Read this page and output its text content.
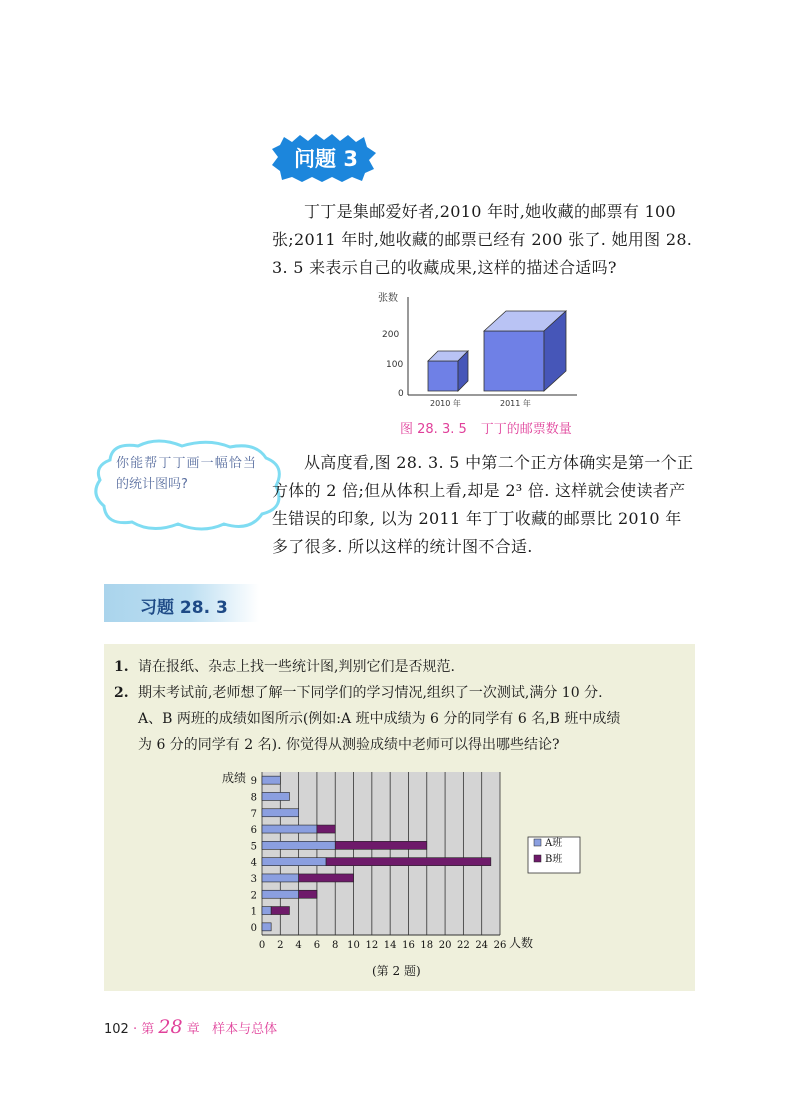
问题 3
丁丁是集邮爱好者,2010 年时,她收藏的邮票有 100 张;2011 年时,她收藏的邮票已经有 200 张了. 她用图 28. 3. 5 来表示自己的收藏成果,这样的描述合适吗?
张数
200
100
0
2010 年	2011 年
图 28. 3. 5 丁丁的邮票数量
你能帮丁丁画一幅恰当的统计图吗?
从高度看,图 28. 3. 5 中第二个正方体确实是第一个正方体的 2 倍;但从体积上看,却是 2³ 倍. 这样就会使读者产生错误的印象, 以为 2011 年丁丁收藏的邮票比 2010 年多了很多. 所以这样的统计图不合适.
习题 28. 3
1. 请在报纸、杂志上找一些统计图,判别它们是否规范.
2. 期末考试前,老师想了解一下同学们的学习情况,组织了一次测试,满分 10 分.
A、B 两班的成绩如图所示(例如:A 班中成绩为 6 分的同学有 6 名,B 班中成绩
为 6 分的同学有 2 名). 你觉得从测验成绩中老师可以得出哪些结论?
9
8
7
6
5
4
3
2
1
0
0 2 4 6 8 10 12 14 16 18 20 22 24 26
成绩
人数
A班
B班
(第 2 题)
102 · 第 28 章 样本与总体
